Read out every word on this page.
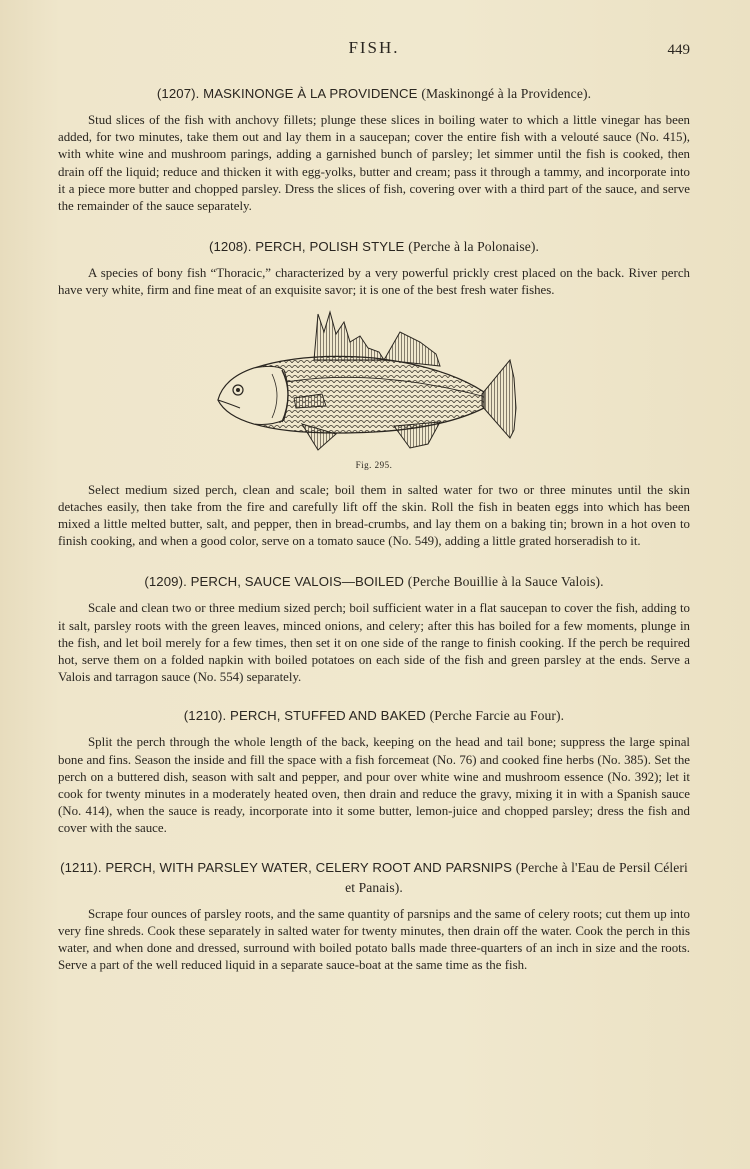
FISH.	449
(1207). MASKINONGE À LA PROVIDENCE (Maskinongé à la Providence).

Stud slices of the fish with anchovy fillets; plunge these slices in boiling water to which a little vinegar has been added, for two minutes, take them out and lay them in a saucepan; cover the entire fish with a velouté sauce (No. 415), with white wine and mushroom parings, adding a garnished bunch of parsley; let simmer until the fish is cooked, then drain off the liquid; reduce and thicken it with egg-yolks, butter and cream; pass it through a tammy, and incorporate into it a piece more butter and chopped parsley. Dress the slices of fish, covering over with a third part of the sauce, and serve the remainder of the sauce separately.

(1208). PERCH, POLISH STYLE (Perche à la Polonaise).

A species of bony fish “Thoracic,” characterized by a very powerful prickly crest placed on the back. River perch have very white, firm and fine meat of an exquisite savor; it is one of the best fresh water fishes.

Fig. 295.

Select medium sized perch, clean and scale; boil them in salted water for two or three minutes until the skin detaches easily, then take from the fire and carefully lift off the skin. Roll the fish in beaten eggs into which has been mixed a little melted butter, salt, and pepper, then in bread-crumbs, and lay them on a baking tin; brown in a hot oven to finish cooking, and when a good color, serve on a tomato sauce (No. 549), adding a little grated horseradish to it.

(1209). PERCH, SAUCE VALOIS—BOILED (Perche Bouillie à la Sauce Valois).

Scale and clean two or three medium sized perch; boil sufficient water in a flat saucepan to cover the fish, adding to it salt, parsley roots with the green leaves, minced onions, and celery; after this has boiled for a few moments, plunge in the fish, and let boil merely for a few times, then set it on one side of the range to finish cooking. If the perch be required hot, serve them on a folded napkin with boiled potatoes on each side of the fish and green parsley at the ends. Serve a Valois and tarragon sauce (No. 554) separately.

(1210). PERCH, STUFFED AND BAKED (Perche Farcie au Four).

Split the perch through the whole length of the back, keeping on the head and tail bone; suppress the large spinal bone and fins. Season the inside and fill the space with a fish forcemeat (No. 76) and cooked fine herbs (No. 385). Set the perch on a buttered dish, season with salt and pepper, and pour over white wine and mushroom essence (No. 392); let it cook for twenty minutes in a moderately heated oven, then drain and reduce the gravy, mixing it in with a Spanish sauce (No. 414), when the sauce is ready, incorporate into it some butter, lemon-juice and chopped parsley; dress the fish and cover with the sauce.

(1211). PERCH, WITH PARSLEY WATER, CELERY ROOT AND PARSNIPS (Perche à l'Eau de Persil Céleri et Panais).

Scrape four ounces of parsley roots, and the same quantity of parsnips and the same of celery roots; cut them up into very fine shreds. Cook these separately in salted water for twenty minutes, then drain off the water. Cook the perch in this water, and when done and dressed, surround with boiled potato balls made three-quarters of an inch in size and the roots. Serve a part of the well reduced liquid in a separate sauce-boat at the same time as the fish.
